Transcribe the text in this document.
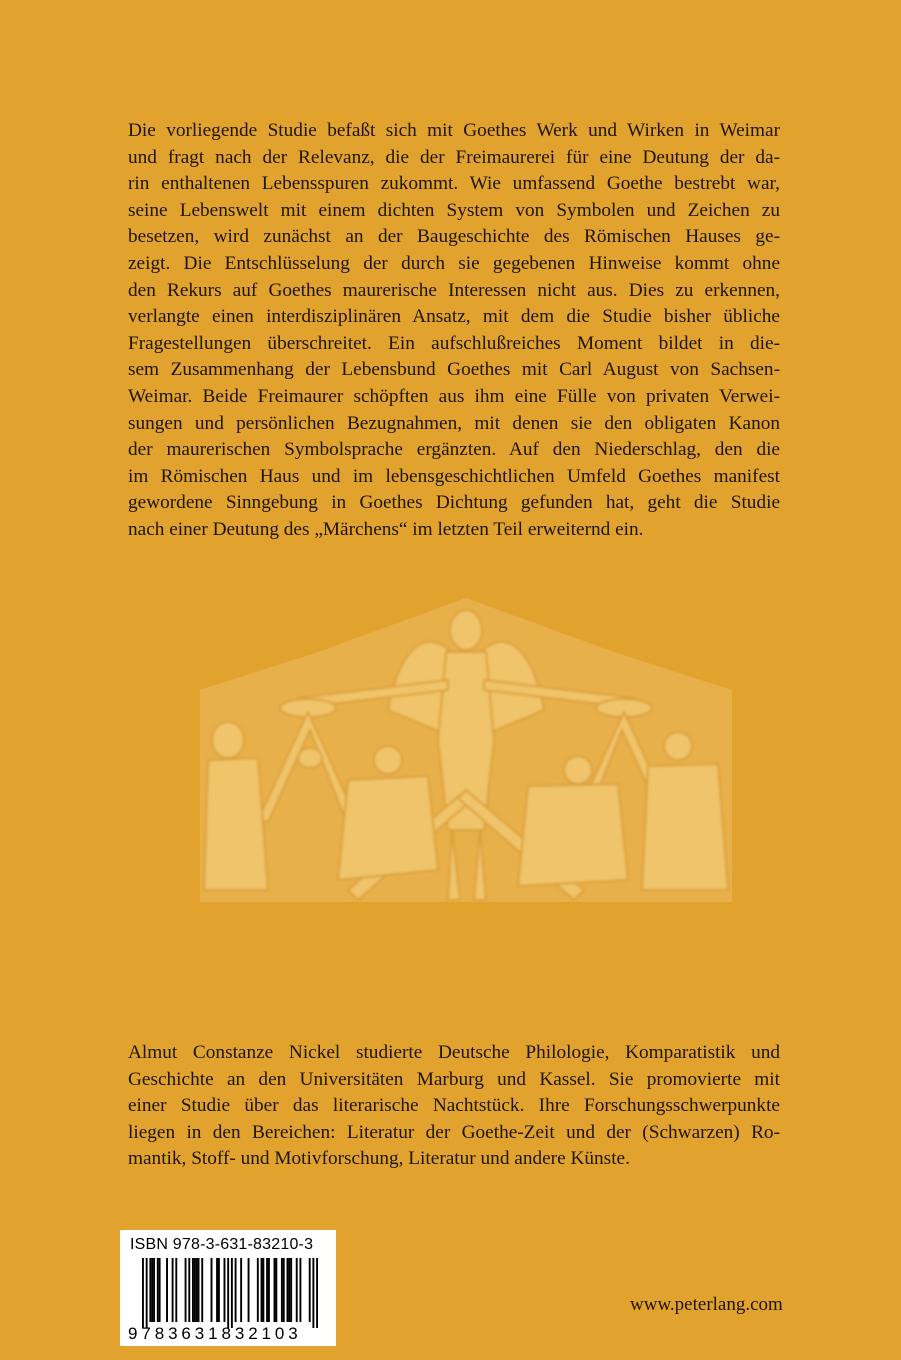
Die vorliegende Studie befaßt sich mit Goethes Werk und Wirken in Weimar
und fragt nach der Relevanz, die der Freimaurerei für eine Deutung der da-
rin enthaltenen Lebensspuren zukommt. Wie umfassend Goethe bestrebt war,
seine Lebenswelt mit einem dichten System von Symbolen und Zeichen zu
besetzen, wird zunächst an der Baugeschichte des Römischen Hauses ge-
zeigt. Die Entschlüsselung der durch sie gegebenen Hinweise kommt ohne
den Rekurs auf Goethes maurerische Interessen nicht aus. Dies zu erkennen,
verlangte einen interdisziplinären Ansatz, mit dem die Studie bisher übliche
Fragestellungen überschreitet. Ein aufschlußreiches Moment bildet in die-
sem Zusammenhang der Lebensbund Goethes mit Carl August von Sachsen-
Weimar. Beide Freimaurer schöpften aus ihm eine Fülle von privaten Verwei-
sungen und persönlichen Bezugnahmen, mit denen sie den obligaten Kanon
der maurerischen Symbolsprache ergänzten. Auf den Niederschlag, den die
im Römischen Haus und im lebensgeschichtlichen Umfeld Goethes manifest
gewordene Sinngebung in Goethes Dichtung gefunden hat, geht die Studie
nach einer Deutung des „Märchens“ im letzten Teil erweiternd ein.
Almut Constanze Nickel studierte Deutsche Philologie, Komparatistik und
Geschichte an den Universitäten Marburg und Kassel. Sie promovierte mit
einer Studie über das literarische Nachtstück. Ihre Forschungsschwerpunkte
liegen in den Bereichen: Literatur der Goethe-Zeit und der (Schwarzen) Ro-
mantik, Stoff- und Motivforschung, Literatur und andere Künste.
ISBN 978-3-631-83210-3
9783631832103
www.peterlang.com
